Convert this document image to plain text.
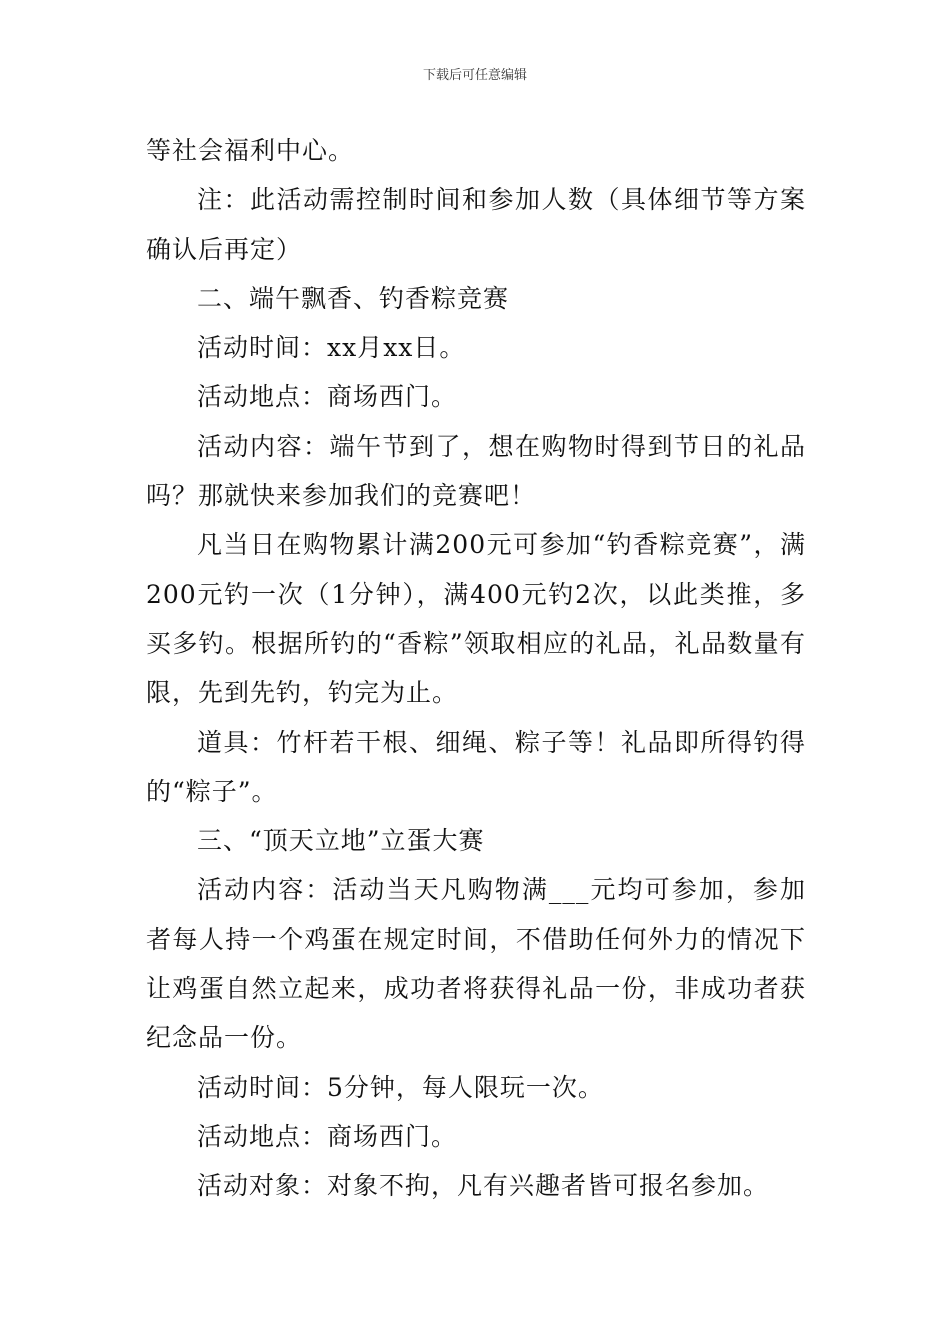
下载后可任意编辑

等社会福利中心。

注：此活动需控制时间和参加人数（具体细节等方案确认后再定）

二、端午飘香、钓香粽竞赛

活动时间：xx月xx日。

活动地点：商场西门。

活动内容：端午节到了，想在购物时得到节日的礼品吗？那就快来参加我们的竞赛吧！

凡当日在购物累计满200元可参加“钓香粽竞赛”，满200元钓一次（1分钟），满400元钓2次，以此类推，多买多钓。根据所钓的“香粽”领取相应的礼品，礼品数量有限，先到先钓，钓完为止。

道具：竹杆若干根、细绳、粽子等！礼品即所得钓得的“粽子”。

三、“顶天立地”立蛋大赛

活动内容：活动当天凡购物满___元均可参加，参加者每人持一个鸡蛋在规定时间，不借助任何外力的情况下让鸡蛋自然立起来，成功者将获得礼品一份，非成功者获纪念品一份。

活动时间：5分钟，每人限玩一次。

活动地点：商场西门。

活动对象：对象不拘，凡有兴趣者皆可报名参加。
